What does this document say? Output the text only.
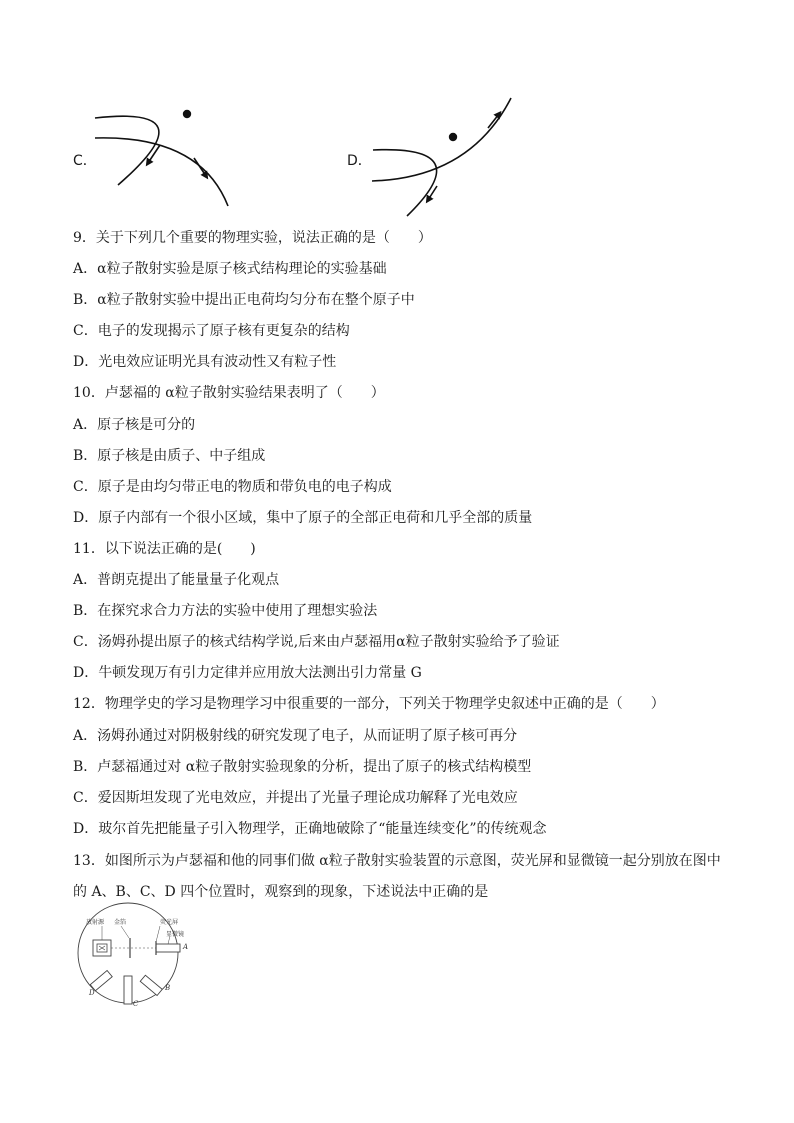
C．	D．
9．关于下列几个重要的物理实验，说法正确的是（　　）
A．α粒子散射实验是原子核式结构理论的实验基础
B．α粒子散射实验中提出正电荷均匀分布在整个原子中
C．电子的发现揭示了原子核有更复杂的结构
D．光电效应证明光具有波动性又有粒子性
10．卢瑟福的 α粒子散射实验结果表明了（　　）
A．原子核是可分的
B．原子核是由质子、中子组成
C．原子是由均匀带正电的物质和带负电的电子构成
D．原子内部有一个很小区域，集中了原子的全部正电荷和几乎全部的质量
11．以下说法正确的是(　　)
A．普朗克提出了能量量子化观点
B．在探究求合力方法的实验中使用了理想实验法
C．汤姆孙提出原子的核式结构学说,后来由卢瑟福用α粒子散射实验给予了验证
D．牛顿发现万有引力定律并应用放大法测出引力常量 G
12．物理学史的学习是物理学习中很重要的一部分，下列关于物理学史叙述中正确的是（　　）
A．汤姆孙通过对阴极射线的研究发现了电子，从而证明了原子核可再分
B．卢瑟福通过对 α粒子散射实验现象的分析，提出了原子的核式结构模型
C．爱因斯坦发现了光电效应，并提出了光量子理论成功解释了光电效应
D．玻尔首先把能量子引入物理学，正确地破除了“能量连续变化”的传统观念
13．如图所示为卢瑟福和他的同事们做 α粒子散射实验装置的示意图，荧光屏和显微镜一起分别放在图中
的 A、B、C、D 四个位置时，观察到的现象，下述说法中正确的是
放射源 金箔	荧光屏
显微镜
A
B
C
D
